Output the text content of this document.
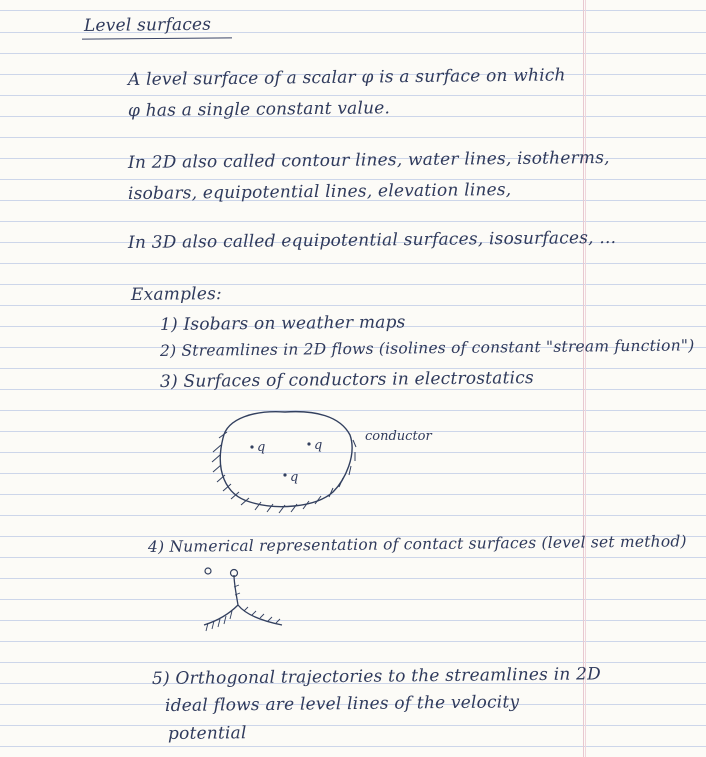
Level surfaces

A level surface of a scalar φ is a surface on which

φ has a single constant value.

In 2D also called contour lines, water lines, isotherms,

isobars, equipotential lines, elevation lines,

In 3D also called equipotential surfaces, isosurfaces, ...

Examples:

1) Isobars on weather maps

2) Streamlines in 2D flows (isolines of constant "stream function")

3) Surfaces of conductors in electrostatics

q	q
q
conductor

4) Numerical representation of contact surfaces (level set method)

5) Orthogonal trajectories to the streamlines in 2D

ideal flows are level lines of the velocity

potential
